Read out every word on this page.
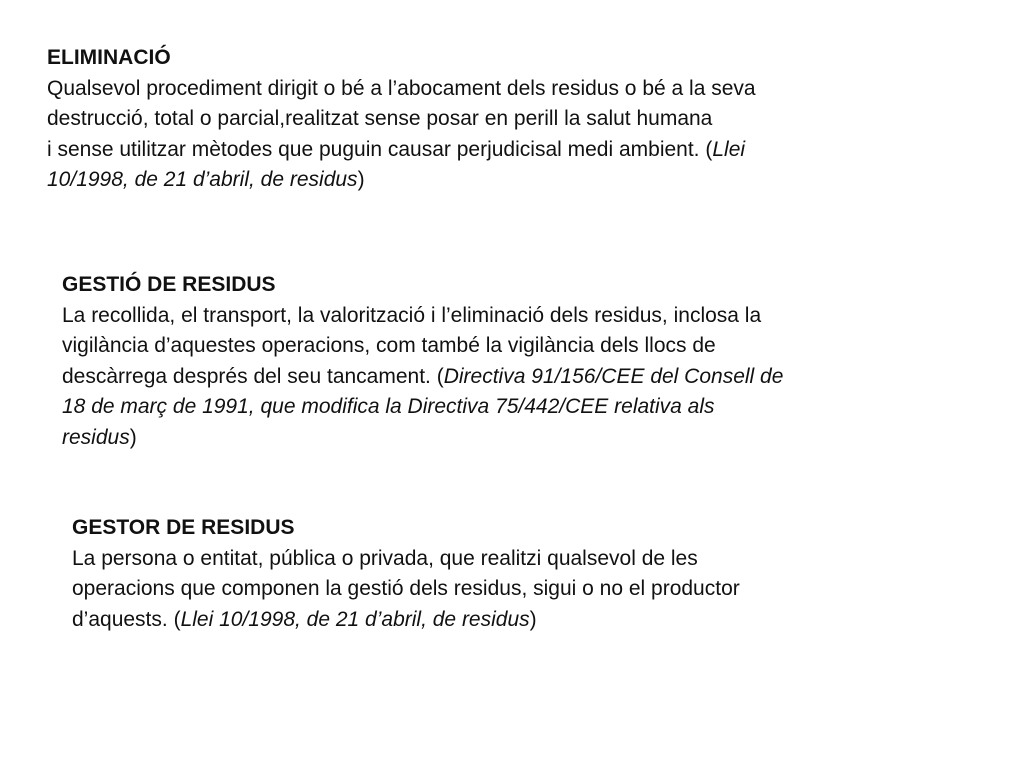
ELIMINACIÓ
Qualsevol procediment dirigit o bé a l’abocament dels residus o bé a la seva
destrucció, total o parcial,realitzat sense posar en perill la salut humana
i sense utilitzar mètodes que puguin causar perjudicisal medi ambient. (Llei
10/1998, de 21 d’abril, de residus)
GESTIÓ DE RESIDUS
La recollida, el transport, la valorització i l’eliminació dels residus, inclosa la
vigilància d’aquestes operacions, com també la vigilància dels llocs de
descàrrega després del seu tancament. (Directiva 91/156/CEE del Consell de
18 de març de 1991, que modifica la Directiva 75/442/CEE relativa als
residus)
GESTOR DE RESIDUS
La persona o entitat, pública o privada, que realitzi qualsevol de les
operacions que componen la gestió dels residus, sigui o no el productor
d’aquests. (Llei 10/1998, de 21 d’abril, de residus)
